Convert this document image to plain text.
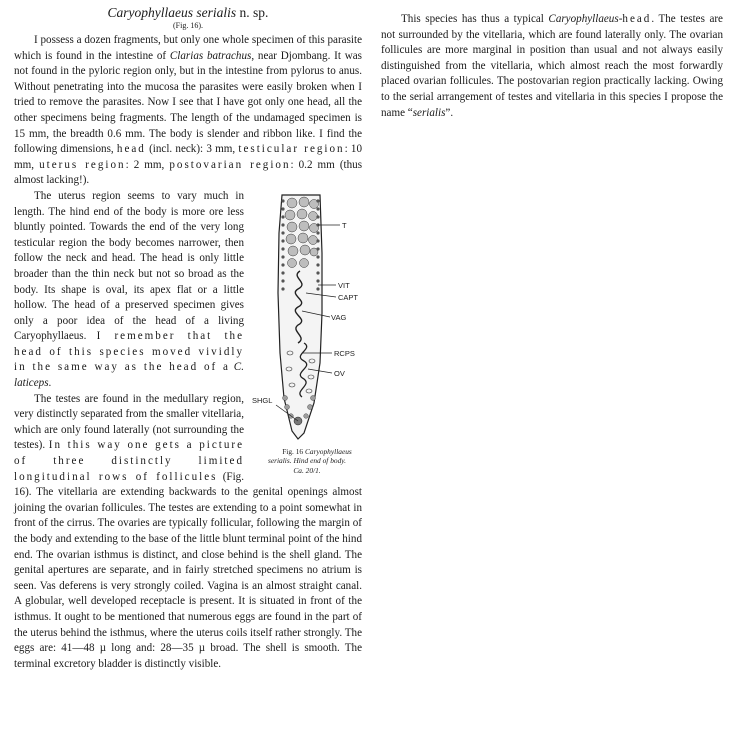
Caryophyllaeus serialis n. sp.
(Fig. 16).

I possess a dozen fragments, but only one whole specimen of this parasite which is found in the intestine of Clarias batrachus, near Djombang. It was not found in the pyloric region only, but in the intestine from pylorus to anus. Without penetrating into the mucosa the parasites were easily broken when I tried to remove the parasites. Now I see that I have got only one head, all the other specimens being fragments. The length of the undamaged specimen is 15 mm, the breadth 0.6 mm. The body is slender and ribbon like. I find the following dimensions, head (incl. neck): 3 mm, testicular region: 10 mm, uterus region: 2 mm, postovarian region: 0.2 mm (thus almost lacking!).

T
VIT
CAPT
VAG
RCPS
OV
SHGL
Fig. 16 Caryophyllaeus serialis. Hind end of body.
Ca. 20/1.
The uterus region seems to vary much in length. The hind end of the body is more ore less bluntly pointed. Towards the end of the very long testicular region the body becomes narrower, then follow the neck and head. The head is only little broader than the thin neck but not so broad as the body. Its shape is oval, its apex flat or a little hollow. The head of a preserved specimen gives only a poor idea of the head of a living Caryophyllaeus. I remember that the head of this species moved vividly in the same way as the head of a C. laticeps.

The testes are found in the medullary region, very distinctly separated from the smaller vitellaria, which are only found laterally (not surrounding the testes). In this way one gets a picture of three distinctly limited longitudinal rows of follicules (Fig. 16). The vitellaria are extending backwards to the genital openings almost joining the ovarian follicules. The testes are extending to a point somewhat in front of the cirrus. The ovaries are typically follicular, following the margin of the body and extending to the base of the little blunt terminal point of the hind end. The ovarian isthmus is distinct, and close behind is the shell gland. The genital apertures are separate, and in fairly stretched specimens no atrium is seen. Vas deferens is very strongly coiled. Vagina is an almost straight canal. A globular, well developed receptacle is present. It is situated in front of the isthmus. It ought to be mentioned that numerous eggs are found in the part of the uterus behind the isthmus, where the uterus coils itself rather strongly. The eggs are: 41—48 µ long and: 28—35 µ broad. The shell is smooth. The terminal excretory bladder is distinctly visible.

This species has thus a typical Caryophyllaeus-head. The testes are not surrounded by the vitellaria, which are found laterally only. The ovarian follicules are more marginal in position than usual and not always easily distinguished from the vitellaria, which almost reach the most forwardly placed ovarian follicules. The postovarian region practically lacking. Owing to the serial arrangement of testes and vitellaria in this species I propose the name “serialis”.
